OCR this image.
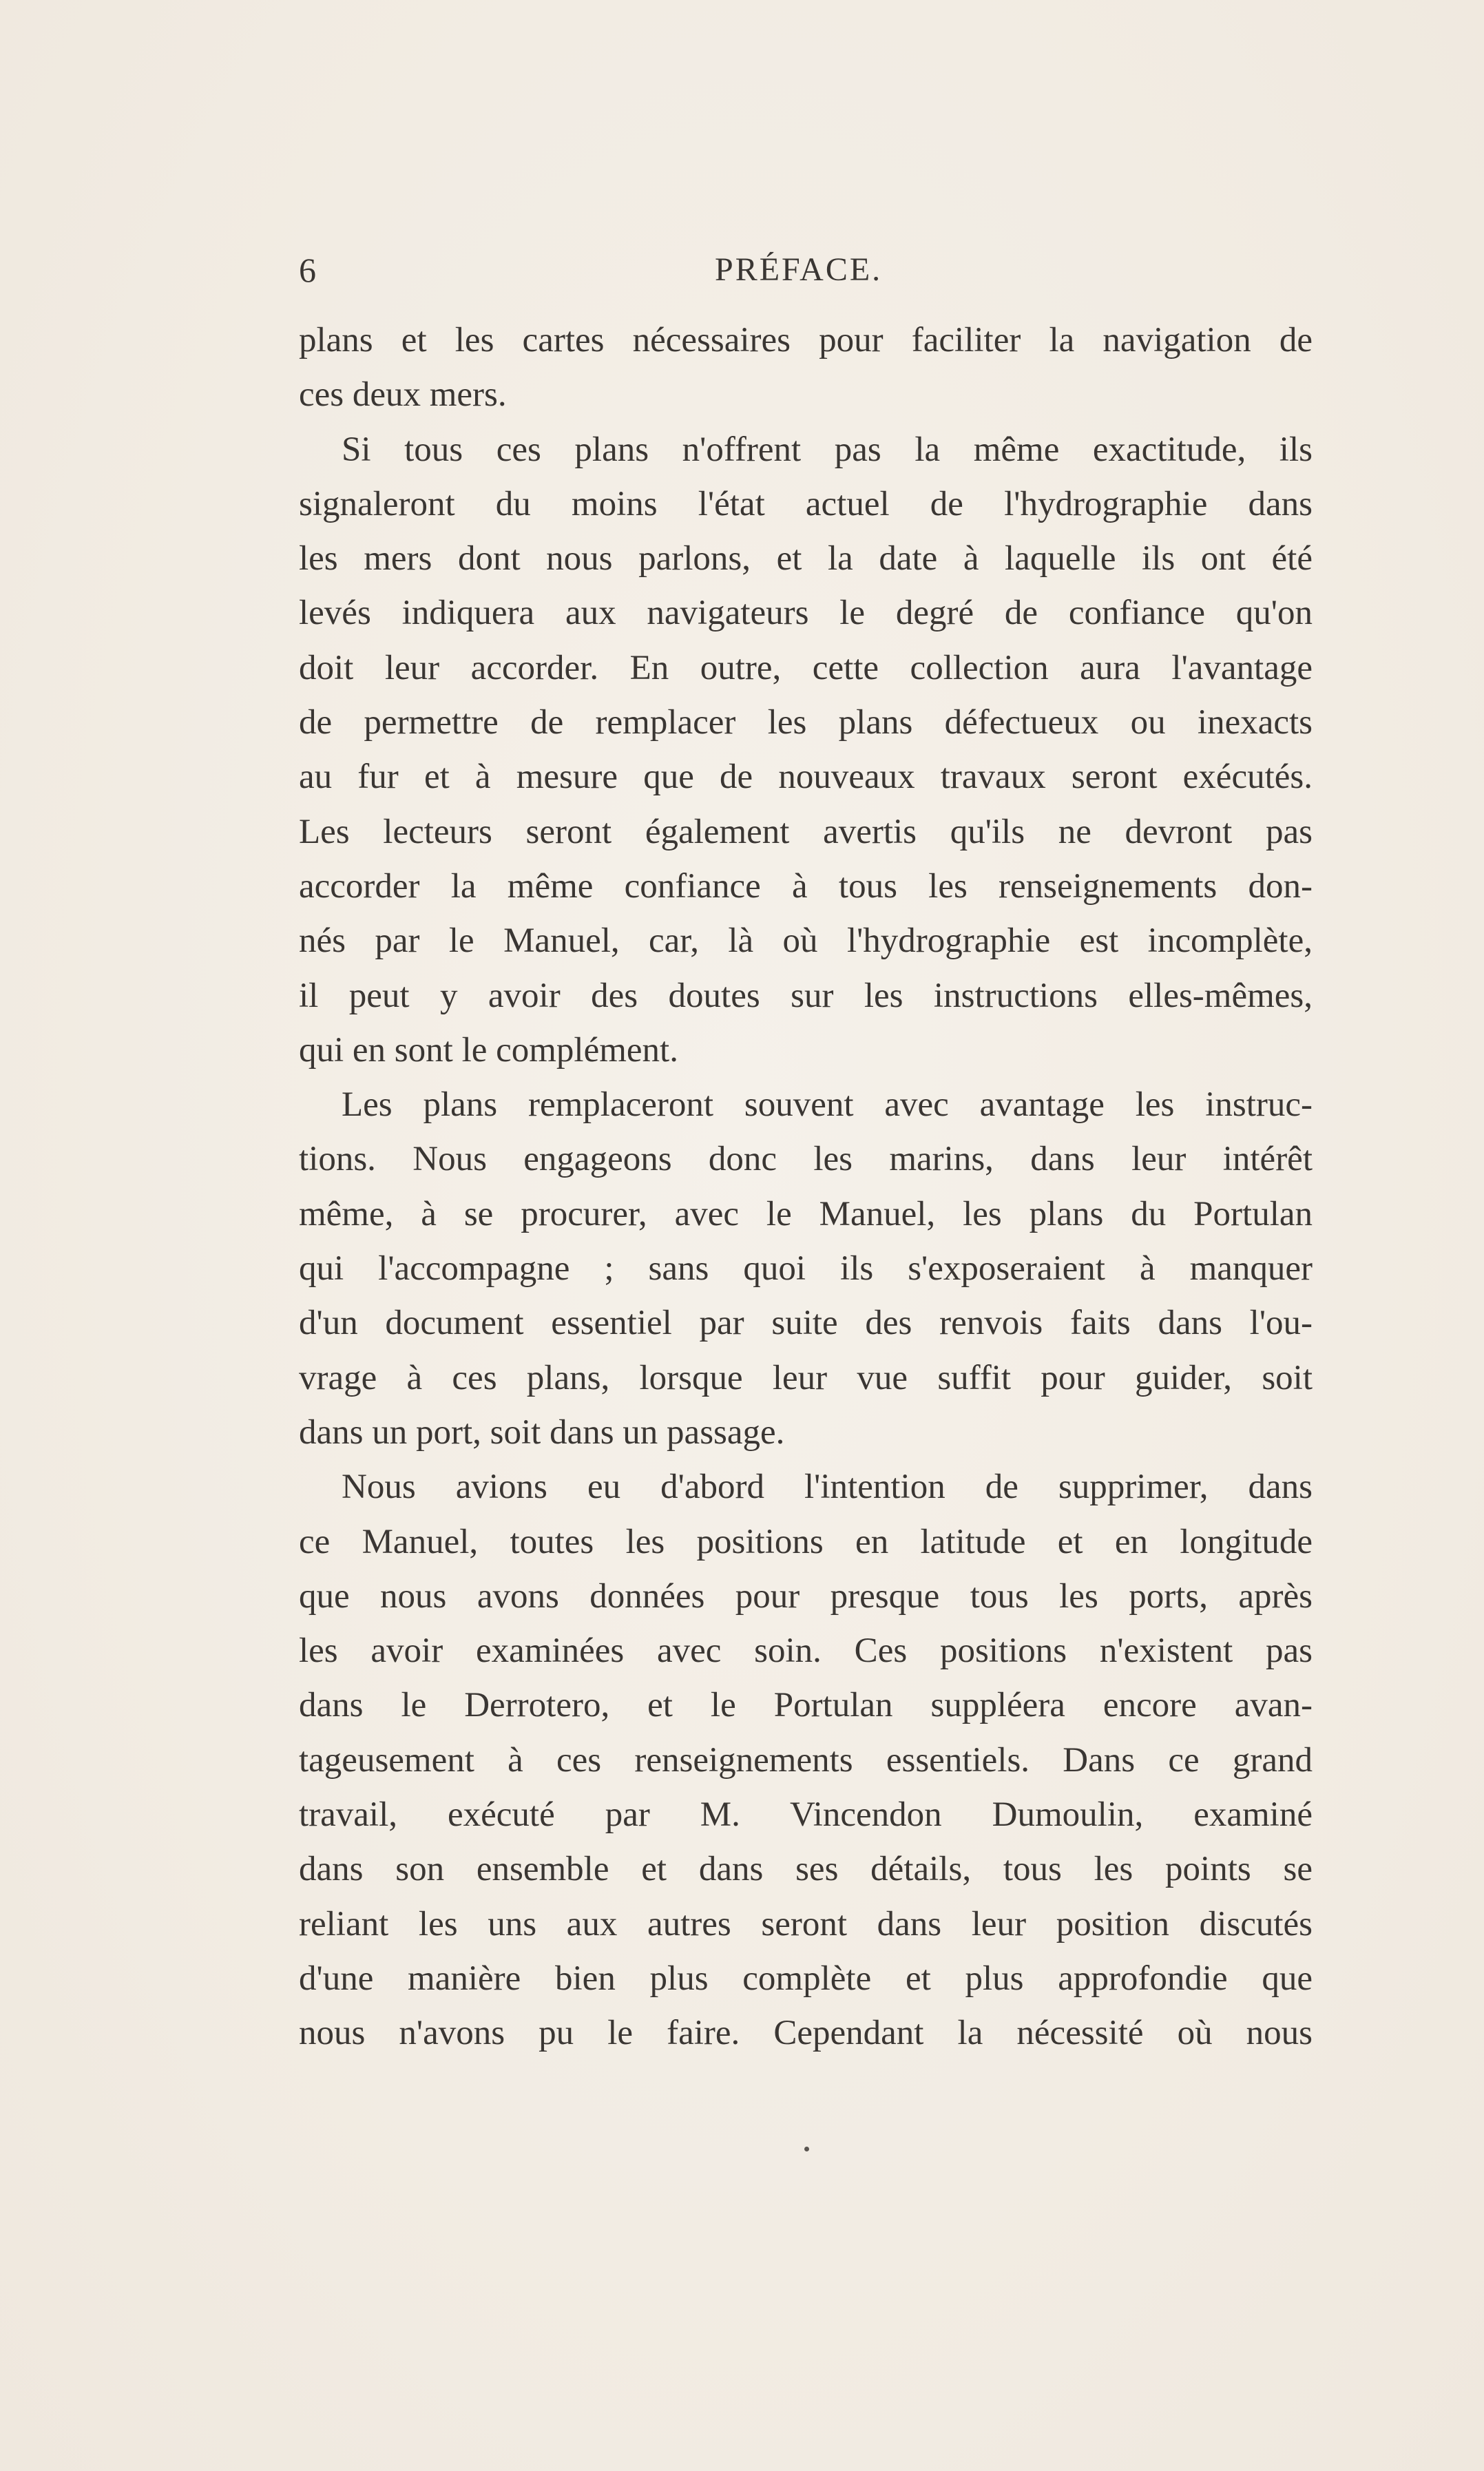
6	PRÉFACE.
plans et les cartes nécessaires pour faciliter la navigation de
ces deux mers.
Si tous ces plans n'offrent pas la même exactitude, ils
signaleront du moins l'état actuel de l'hydrographie dans
les mers dont nous parlons, et la date à laquelle ils ont été
levés indiquera aux navigateurs le degré de confiance qu'on
doit leur accorder. En outre, cette collection aura l'avantage
de permettre de remplacer les plans défectueux ou inexacts
au fur et à mesure que de nouveaux travaux seront exécutés.
Les lecteurs seront également avertis qu'ils ne devront pas
accorder la même confiance à tous les renseignements don-
nés par le Manuel, car, là où l'hydrographie est incomplète,
il peut y avoir des doutes sur les instructions elles-mêmes,
qui en sont le complément.
Les plans remplaceront souvent avec avantage les instruc-
tions. Nous engageons donc les marins, dans leur intérêt
même, à se procurer, avec le Manuel, les plans du Portulan
qui l'accompagne ; sans quoi ils s'exposeraient à manquer
d'un document essentiel par suite des renvois faits dans l'ou-
vrage à ces plans, lorsque leur vue suffit pour guider, soit
dans un port, soit dans un passage.
Nous avions eu d'abord l'intention de supprimer, dans
ce Manuel, toutes les positions en latitude et en longitude
que nous avons données pour presque tous les ports, après
les avoir examinées avec soin. Ces positions n'existent pas
dans le Derrotero, et le Portulan suppléera encore avan-
tageusement à ces renseignements essentiels. Dans ce grand
travail, exécuté par M. Vincendon Dumoulin, examiné
dans son ensemble et dans ses détails, tous les points se
reliant les uns aux autres seront dans leur position discutés
d'une manière bien plus complète et plus approfondie que
nous n'avons pu le faire. Cependant la nécessité où nous
